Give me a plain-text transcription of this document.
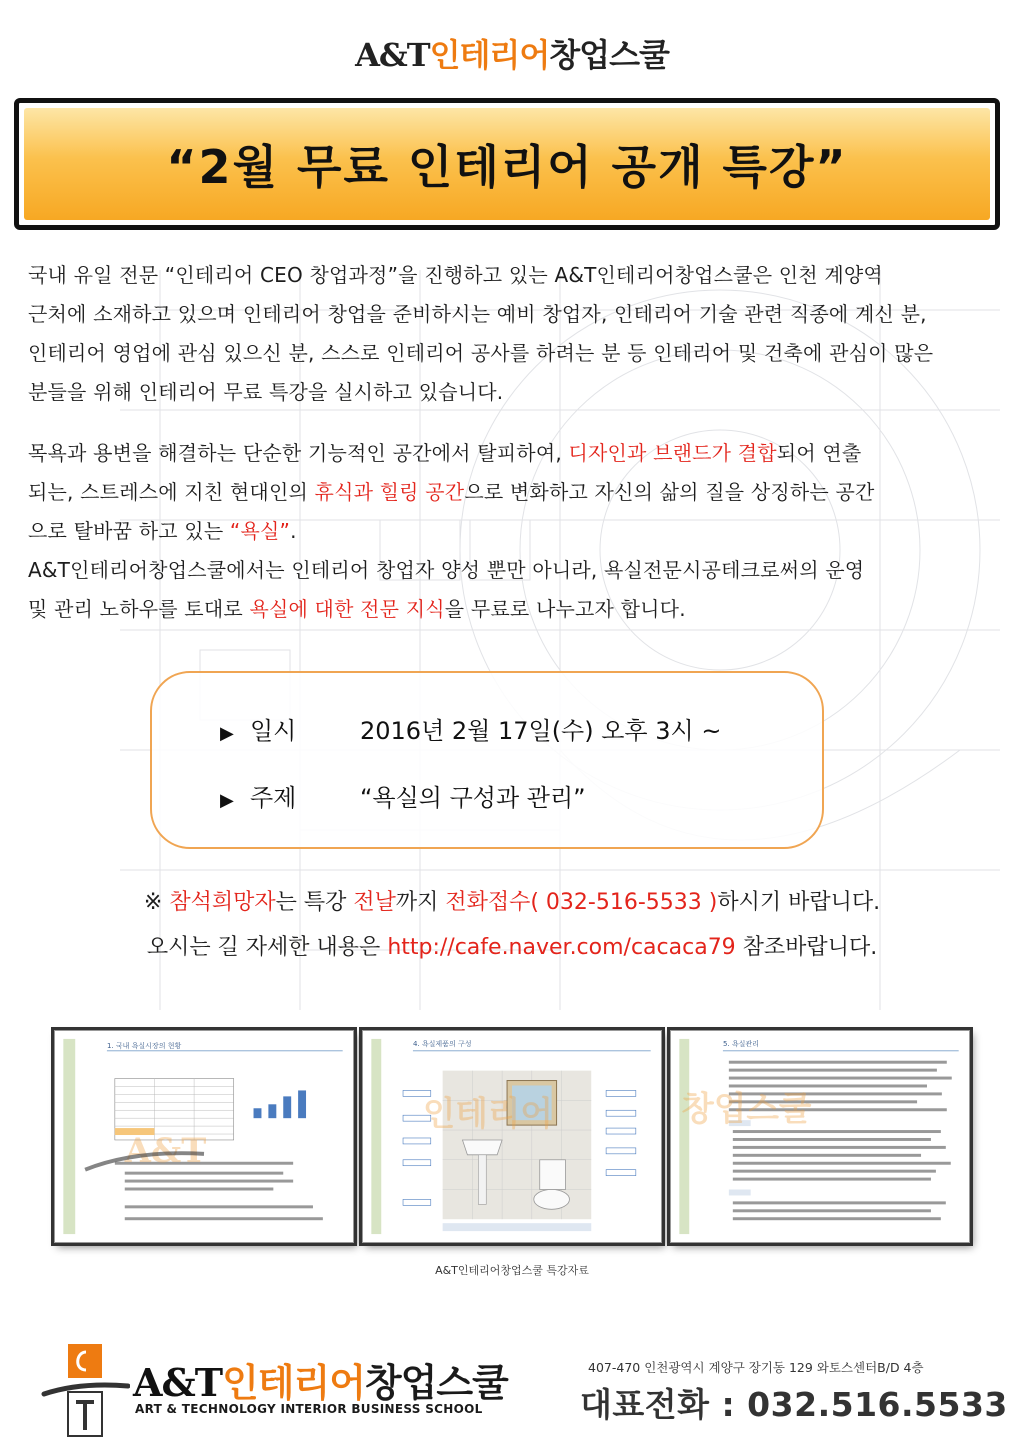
A&T인테리어창업스쿨
“2월 무료 인테리어 공개 특강”
국내 유일 전문 “인테리어 CEO 창업과정”을 진행하고 있는 A&T인테리어창업스쿨은 인천 계양역
근처에 소재하고 있으며 인테리어 창업을 준비하시는 예비 창업자, 인테리어 기술 관련 직종에 계신 분,
인테리어 영업에 관심 있으신 분, 스스로 인테리어 공사를 하려는 분 등 인테리어 및 건축에 관심이 많은
분들을 위해 인테리어 무료 특강을 실시하고 있습니다.
목욕과 용변을 해결하는 단순한 기능적인 공간에서 탈피하여, 디자인과 브랜드가 결합되어 연출
되는, 스트레스에 지친 현대인의 휴식과 힐링 공간으로 변화하고 자신의 삶의 질을 상징하는 공간
으로 탈바꿈 하고 있는 “욕실”.
A&T인테리어창업스쿨에서는 인테리어 창업자 양성 뿐만 아니라, 욕실전문시공테크로써의 운영
및 관리 노하우를 토대로 욕실에 대한 전문 지식을 무료로 나누고자 합니다.
▶ 일시	2016년 2월 17일(수) 오후 3시 ~
▶ 주제	“욕실의 구성과 관리”
※ 참석희망자는 특강 전날까지 전화접수( 032-516-5533 )하시기 바랍니다.
오시는 길 자세한 내용은 http://cafe.naver.com/cacaca79 참조바랍니다.
1. 국내 욕실시장의 현황
A&T
4. 욕실제품의 구성
인테리어
5. 욕실관리
창업스쿨
A&T인테리어창업스쿨 특강자료
A&T인테리어창업스쿨
ART & TECHNOLOGY INTERIOR BUSINESS SCHOOL
407-470 인천광역시 계양구 장기동 129 와토스센터B/D 4층
대표전화 : 032.516.5533
